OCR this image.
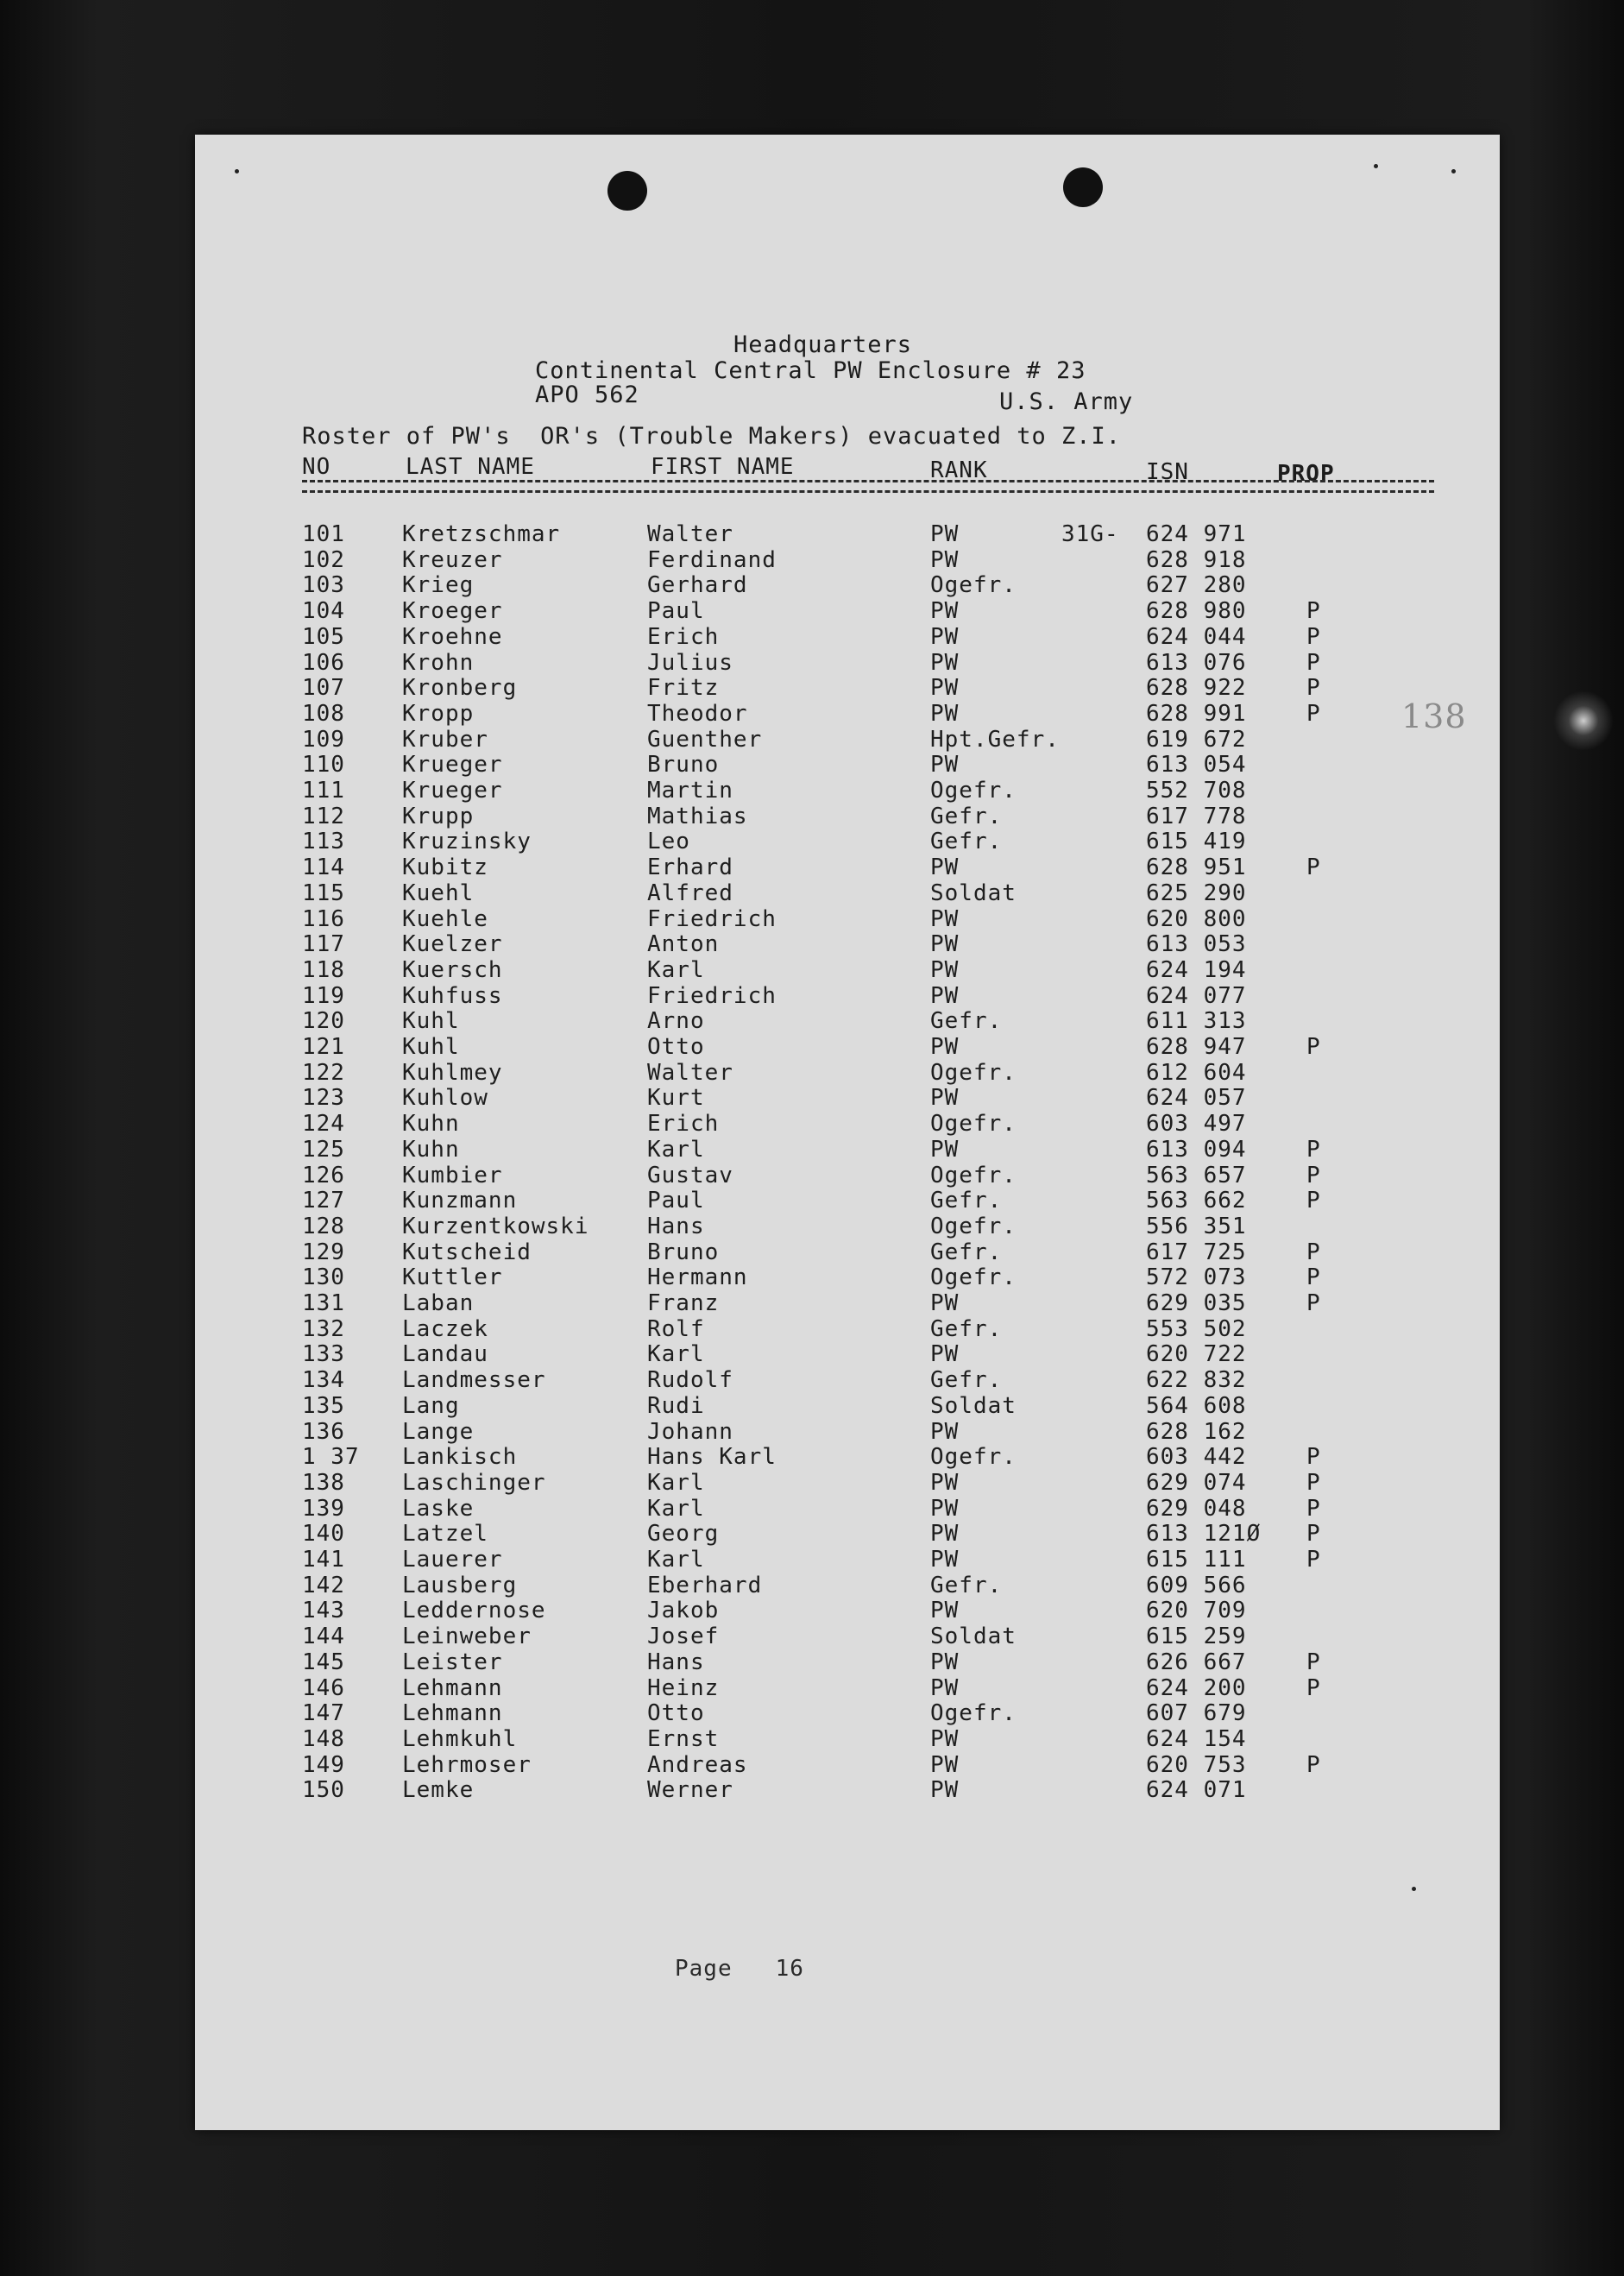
Headquarters
Continental Central PW Enclosure # 23
APO 562	U.S. Army
Roster of PW's  OR's (Trouble Makers) evacuated to Z.I.
NO	LAST NAME	FIRST NAME	RANK	ISN	PROP
101	Kretzschmar	Walter	PW	31G- 624 971
102	Kreuzer	Ferdinand	PW	628 918
103	Krieg	Gerhard	Ogefr.	627 280
104	Kroeger	Paul	PW	628 980	P
105	Kroehne	Erich	PW	624 044	P
106	Krohn	Julius	PW	613 076	P
107	Kronberg	Fritz	PW	628 922	P
108	Kropp	Theodor	PW	628 991	P
109	Kruber	Guenther	Hpt.Gefr.	619 672
110	Krueger	Bruno	PW	613 054
111	Krueger	Martin	Ogefr.	552 708
112	Krupp	Mathias	Gefr.	617 778
113	Kruzinsky	Leo	Gefr.	615 419
114	Kubitz	Erhard	PW	628 951	P
115	Kuehl	Alfred	Soldat	625 290
116	Kuehle	Friedrich	PW	620 800
117	Kuelzer	Anton	PW	613 053
118	Kuersch	Karl	PW	624 194
119	Kuhfuss	Friedrich	PW	624 077
120	Kuhl	Arno	Gefr.	611 313
121	Kuhl	Otto	PW	628 947	P
122	Kuhlmey	Walter	Ogefr.	612 604
123	Kuhlow	Kurt	PW	624 057
124	Kuhn	Erich	Ogefr.	603 497
125	Kuhn	Karl	PW	613 094	P
126	Kumbier	Gustav	Ogefr.	563 657	P
127	Kunzmann	Paul	Gefr.	563 662	P
128	Kurzentkowski	Hans	Ogefr.	556 351
129	Kutscheid	Bruno	Gefr.	617 725	P
130	Kuttler	Hermann	Ogefr.	572 073	P
131	Laban	Franz	PW	629 035	P
132	Laczek	Rolf	Gefr.	553 502
133	Landau	Karl	PW	620 722
134	Landmesser	Rudolf	Gefr.	622 832
135	Lang	Rudi	Soldat	564 608
136	Lange	Johann	PW	628 162
1 37 Lankisch	Hans Karl	Ogefr.	603 442	P
138	Laschinger	Karl	PW	629 074	P
139	Laske	Karl	PW	629 048	P
140	Latzel	Georg	PW	613 121Ø P
141	Lauerer	Karl	PW	615 111	P
142	Lausberg	Eberhard	Gefr.	609 566
143	Leddernose	Jakob	PW	620 709
144	Leinweber	Josef	Soldat	615 259
145	Leister	Hans	PW	626 667	P
146	Lehmann	Heinz	PW	624 200	P
147	Lehmann	Otto	Ogefr.	607 679
148	Lehmkuhl	Ernst	PW	624 154
149	Lehrmoser	Andreas	PW	620 753	P
150	Lemke	Werner	PW	624 071
Page   16
138
